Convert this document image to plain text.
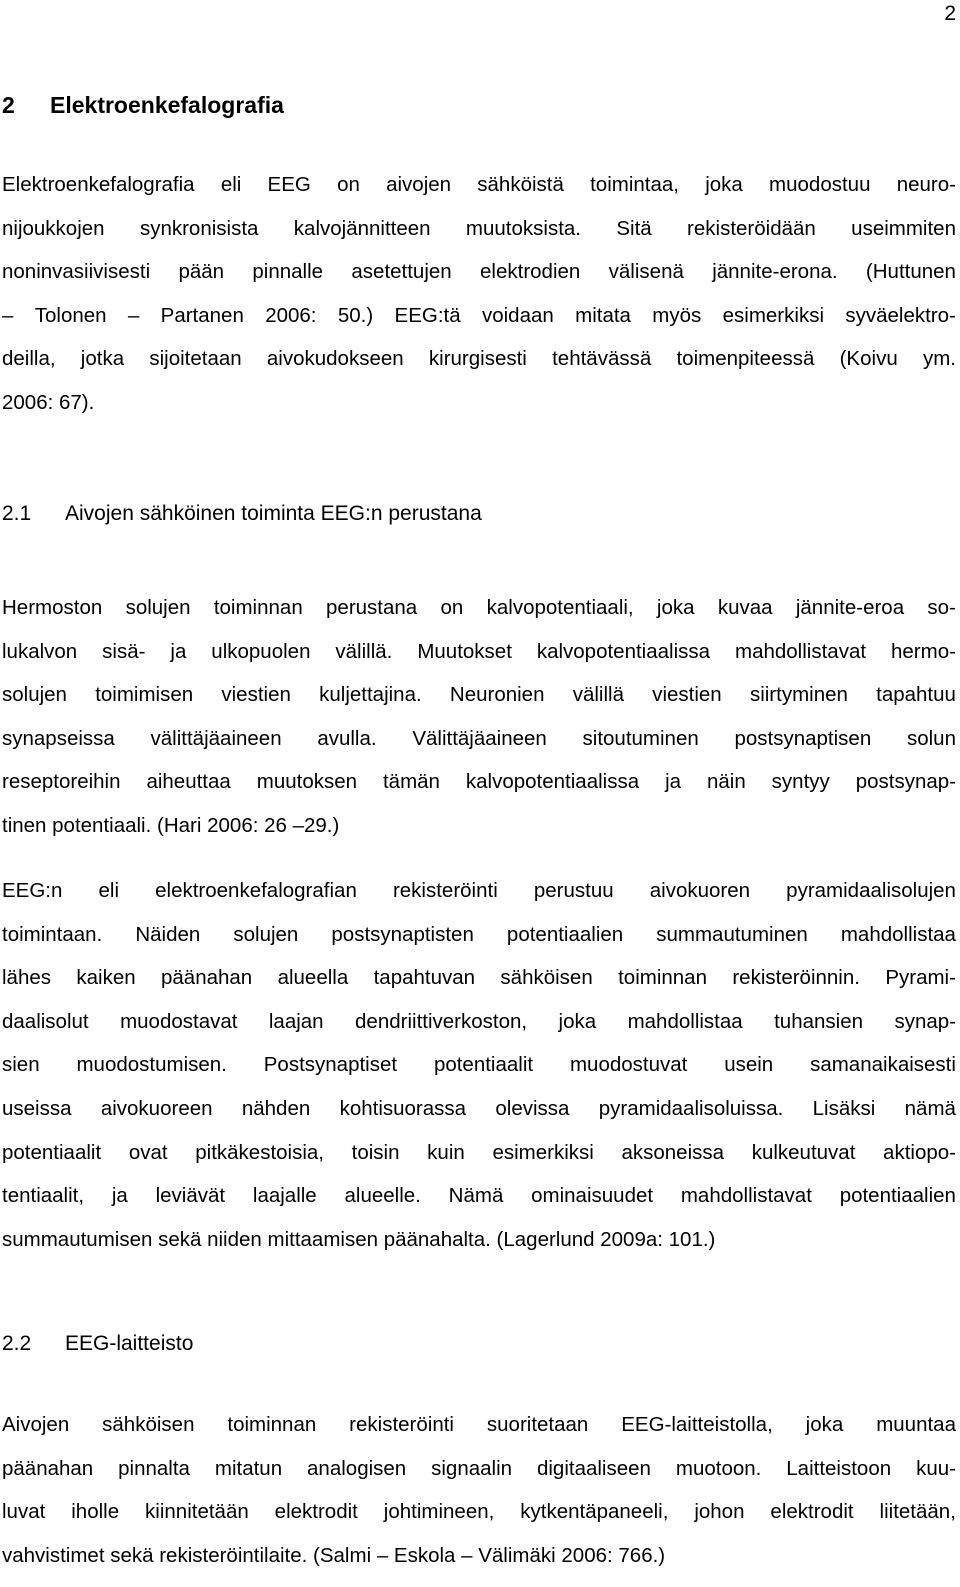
2
2 Elektroenkefalografia
Elektroenkefalografia eli EEG on aivojen sähköistä toimintaa, joka muodostuu neuro-
nijoukkojen synkronisista kalvojännitteen muutoksista. Sitä rekisteröidään useimmiten
noninvasiivisesti pään pinnalle asetettujen elektrodien välisenä jännite-erona. (Huttunen
– Tolonen – Partanen 2006: 50.) EEG:tä voidaan mitata myös esimerkiksi syväelektro-
deilla, jotka sijoitetaan aivokudokseen kirurgisesti tehtävässä toimenpiteessä (Koivu ym.
2006: 67).
2.1 Aivojen sähköinen toiminta EEG:n perustana
Hermoston solujen toiminnan perustana on kalvopotentiaali, joka kuvaa jännite-eroa so-
lukalvon sisä- ja ulkopuolen välillä. Muutokset kalvopotentiaalissa mahdollistavat hermo-
solujen toimimisen viestien kuljettajina. Neuronien välillä viestien siirtyminen tapahtuu
synapseissa välittäjäaineen avulla. Välittäjäaineen sitoutuminen postsynaptisen solun
reseptoreihin aiheuttaa muutoksen tämän kalvopotentiaalissa ja näin syntyy postsynap-
tinen potentiaali. (Hari 2006: 26 –29.)
EEG:n eli elektroenkefalografian rekisteröinti perustuu aivokuoren pyramidaalisolujen
toimintaan. Näiden solujen postsynaptisten potentiaalien summautuminen mahdollistaa
lähes kaiken päänahan alueella tapahtuvan sähköisen toiminnan rekisteröinnin. Pyrami-
daalisolut muodostavat laajan dendriittiverkoston, joka mahdollistaa tuhansien synap-
sien muodostumisen. Postsynaptiset potentiaalit muodostuvat usein samanaikaisesti
useissa aivokuoreen nähden kohtisuorassa olevissa pyramidaalisoluissa. Lisäksi nämä
potentiaalit ovat pitkäkestoisia, toisin kuin esimerkiksi aksoneissa kulkeutuvat aktiopo-
tentiaalit, ja leviävät laajalle alueelle. Nämä ominaisuudet mahdollistavat potentiaalien
summautumisen sekä niiden mittaamisen päänahalta. (Lagerlund 2009a: 101.)
2.2 EEG-laitteisto
Aivojen sähköisen toiminnan rekisteröinti suoritetaan EEG-laitteistolla, joka muuntaa
päänahan pinnalta mitatun analogisen signaalin digitaaliseen muotoon. Laitteistoon kuu-
luvat iholle kiinnitetään elektrodit johtimineen, kytkentäpaneeli, johon elektrodit liitetään,
vahvistimet sekä rekisteröintilaite. (Salmi – Eskola – Välimäki 2006: 766.)
